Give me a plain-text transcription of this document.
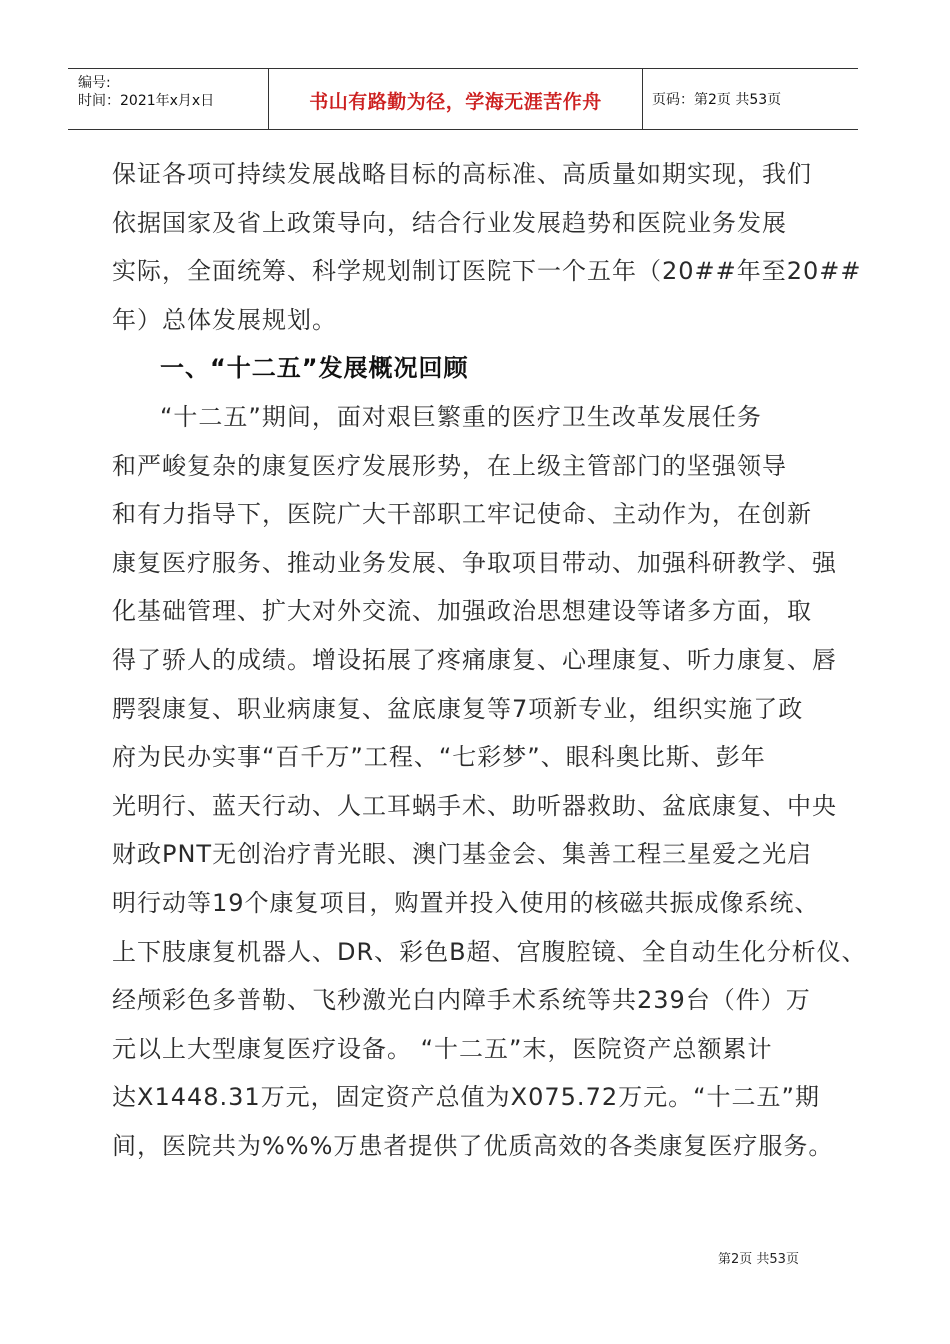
编号:
时间：2021年x月x日	书山有路勤为径，学海无涯苦作舟	页码：第2页 共53页
保证各项可持续发展战略目标的高标准、高质量如期实现，我们
依据国家及省上政策导向，结合行业发展趋势和医院业务发展
实际，全面统筹、科学规划制订医院下一个五年（20##年至20##
年）总体发展规划。
一、“十二五”发展概况回顾
“十二五”期间，面对艰巨繁重的医疗卫生改革发展任务
和严峻复杂的康复医疗发展形势，在上级主管部门的坚强领导
和有力指导下，医院广大干部职工牢记使命、主动作为，在创新
康复医疗服务、推动业务发展、争取项目带动、加强科研教学、强
化基础管理、扩大对外交流、加强政治思想建设等诸多方面，取
得了骄人的成绩。增设拓展了疼痛康复、心理康复、听力康复、唇
腭裂康复、职业病康复、盆底康复等7项新专业，组织实施了政
府为民办实事“百千万”工程、“七彩梦”、眼科奥比斯、彭年
光明行、蓝天行动、人工耳蜗手术、助听器救助、盆底康复、中央
财政PNT无创治疗青光眼、澳门基金会、集善工程三星爱之光启
明行动等19个康复项目，购置并投入使用的核磁共振成像系统、
上下肢康复机器人、DR、彩色B超、宫腹腔镜、全自动生化分析仪、
经颅彩色多普勒、飞秒激光白内障手术系统等共239台（件）万
元以上大型康复医疗设备。 “十二五”末，医院资产总额累计
达X1448.31万元，固定资产总值为X075.72万元。“十二五”期
间，医院共为%%%万患者提供了优质高效的各类康复医疗服务。
第2页 共53页
